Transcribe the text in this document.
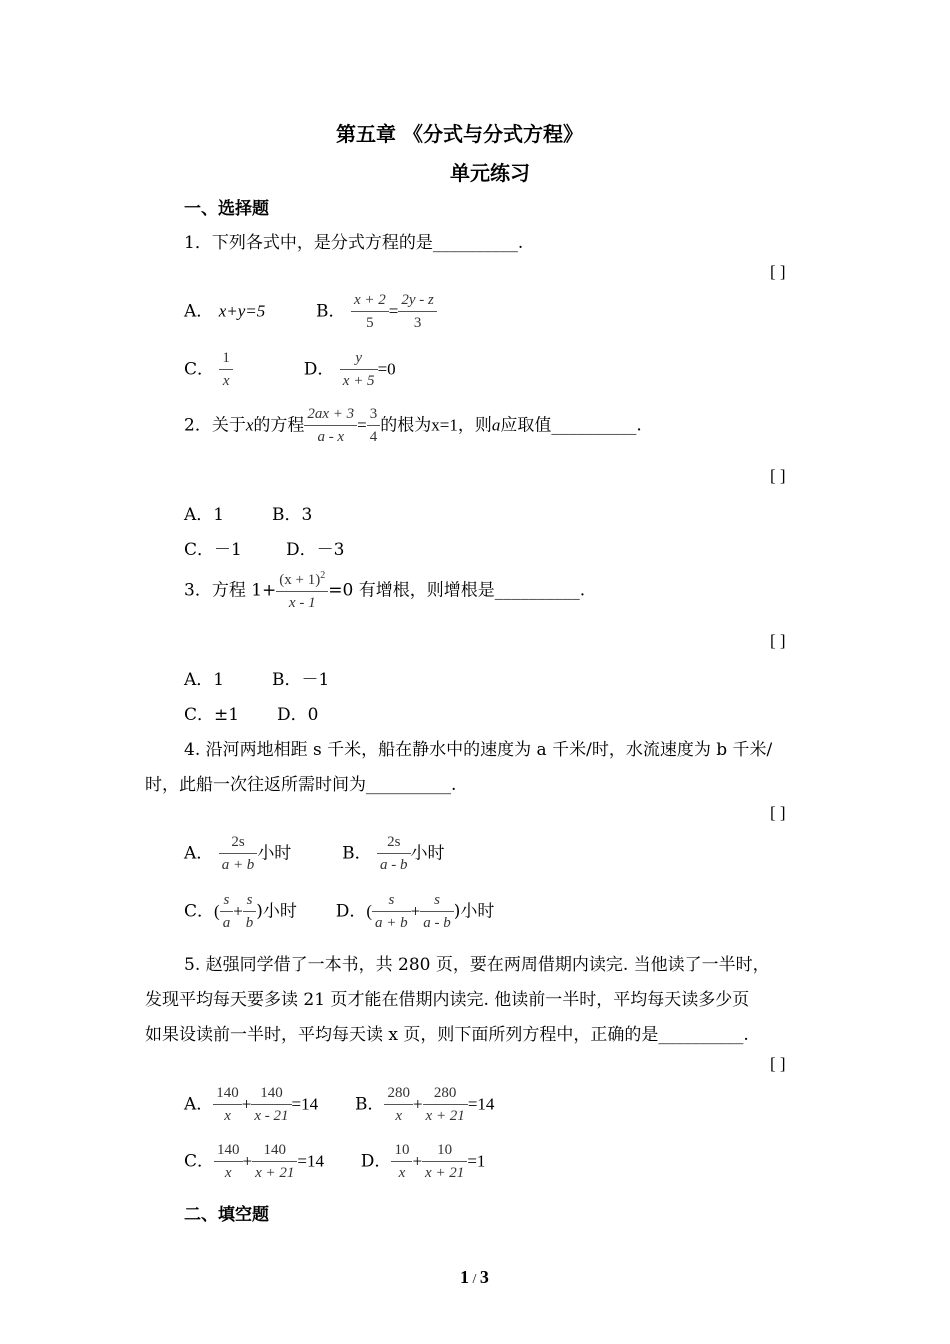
第五章 《分式与分式方程》
单元练习
一、选择题
1．下列各式中，是分式方程的是__________.
[ ]
A． x+y=5	B． $\frac{x + 2}{5} = \frac{2y - z}{3}$
C． $\frac{1}{x}$	D． $\frac{y}{x + 5} =0$
2．关于x的方程 $\frac{2ax + 3}{a - x} = \frac{3}{4}$ 的根为x=1，则a应取值__________.
[ ]
A．1	B．3
C．－1	D．－3
3．方程 $1+ \frac{(x + 1)^2}{x - 1} =0$ 有增根，则增根是__________.
[ ]
A．1	B．－1
C．±1 D．0
4. 沿河两地相距 s 千米，船在静水中的速度为 a 千米/时，水流速度为 b 千米/
时，此船一次往返所需时间为__________.
[ ]
A． $\frac{2s}{a + b}$ 小时	B． $\frac{2s}{a - b}$ 小时
C．( $\frac{s}{a} + \frac{s}{b}$ )小时 D．( $\frac{s}{a + b} + \frac{s}{a - b}$ )小时
5. 赵强同学借了一本书，共 280 页，要在两周借期内读完. 当他读了一半时，
发现平均每天要多读 21 页才能在借期内读完. 他读前一半时，平均每天读多少页
如果设读前一半时，平均每天读 x 页，则下面所列方程中，正确的是__________.
[ ]
A． $\frac{140}{x} + \frac{140}{x - 21} =14$ B． $\frac{280}{x} + \frac{280}{x + 21} =14$
C． $\frac{140}{x} + \frac{140}{x + 21} =14$ D． $\frac{10}{x} + \frac{10}{x + 21} =1$
二、填空题
1 / 3
